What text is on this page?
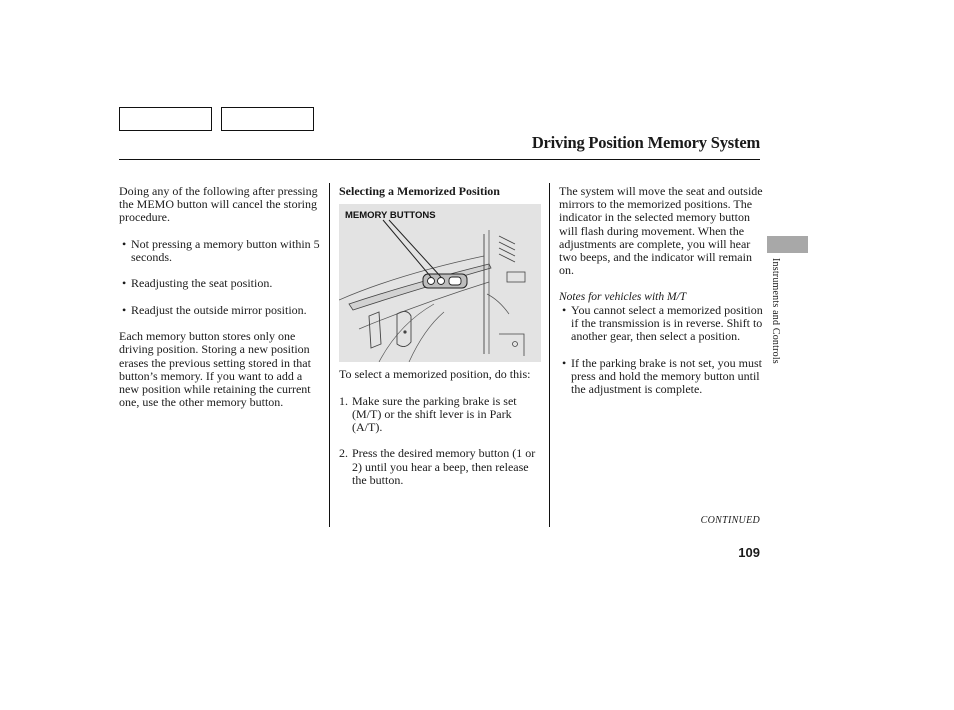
Driving Position Memory System

Doing any of the following after pressing the MEMO button will cancel the storing procedure.

• Not pressing a memory button within 5 seconds.

• Readjusting the seat position.

• Readjust the outside mirror position.

Each memory button stores only one driving position. Storing a new position erases the previous setting stored in that button’s memory. If you want to add a new position while retaining the current one, use the other memory button.

Selecting a Memorized Position

MEMORY BUTTONS

To select a memorized position, do this:

1. Make sure the parking brake is set (M/T) or the shift lever is in Park (A/T).

2. Press the desired memory button (1 or 2) until you hear a beep, then release the button.

The system will move the seat and outside mirrors to the memorized positions. The indicator in the selected memory button will flash during movement. When the adjustments are complete, you will hear two beeps, and the indicator will remain on.

Notes for vehicles with M/T

• You cannot select a memorized position if the transmission is in reverse. Shift to another gear, then select a position.

• If the parking brake is not set, you must press and hold the memory button until the adjustment is complete.

Instruments and Controls
CONTINUED
109
